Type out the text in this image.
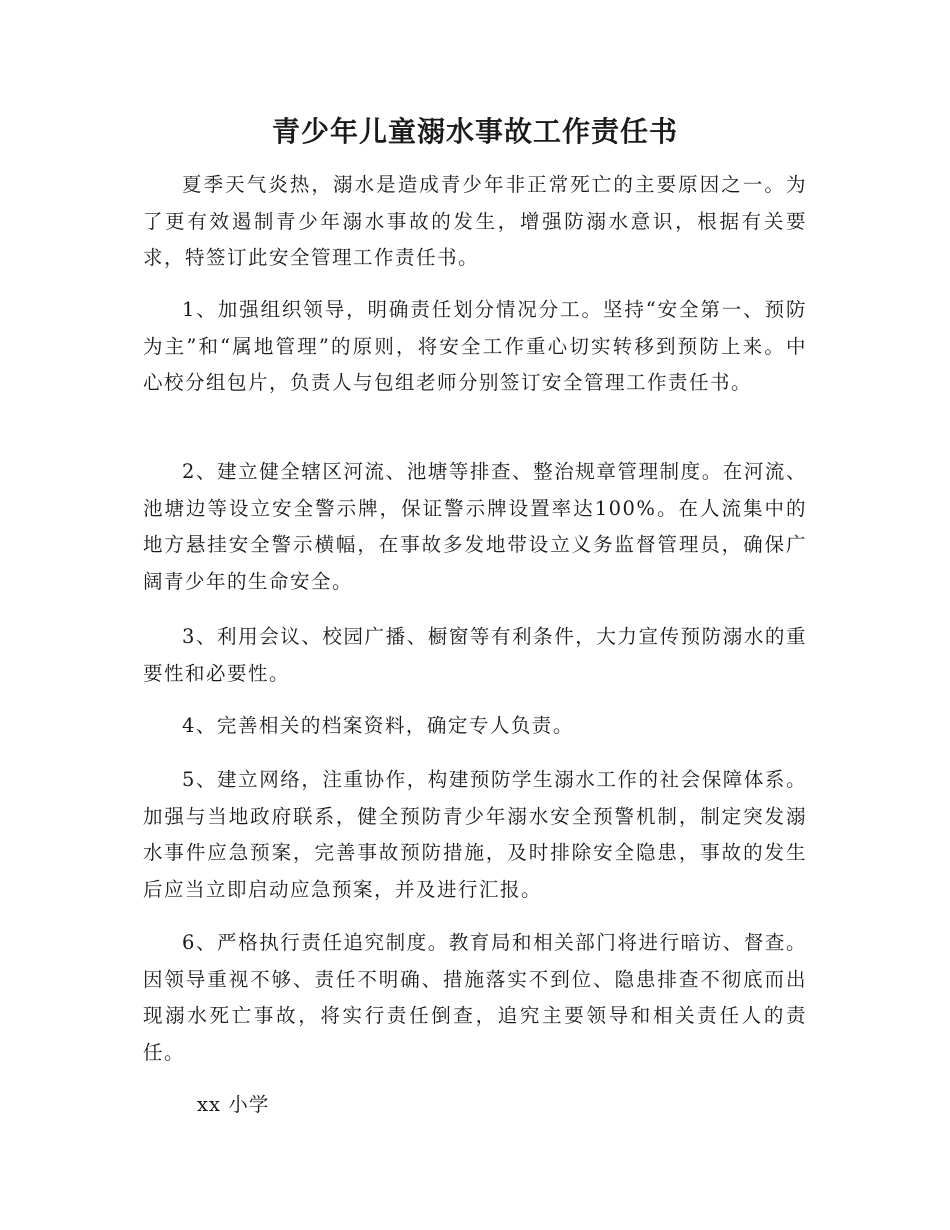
青少年儿童溺水事故工作责任书

夏季天气炎热，溺水是造成青少年非正常死亡的主要原因之一。为了更有效遏制青少年溺水事故的发生，增强防溺水意识，根据有关要求，特签订此安全管理工作责任书。

1、加强组织领导，明确责任划分情况分工。坚持“安全第一、预防为主”和“属地管理”的原则，将安全工作重心切实转移到预防上来。中心校分组包片，负责人与包组老师分别签订安全管理工作责任书。

2、建立健全辖区河流、池塘等排查、整治规章管理制度。在河流、池塘边等设立安全警示牌，保证警示牌设置率达100%。在人流集中的地方悬挂安全警示横幅，在事故多发地带设立义务监督管理员，确保广阔青少年的生命安全。

3、利用会议、校园广播、橱窗等有利条件，大力宣传预防溺水的重要性和必要性。

4、完善相关的档案资料，确定专人负责。

5、建立网络，注重协作，构建预防学生溺水工作的社会保障体系。加强与当地政府联系，健全预防青少年溺水安全预警机制，制定突发溺水事件应急预案，完善事故预防措施，及时排除安全隐患，事故的发生后应当立即启动应急预案，并及进行汇报。

6、严格执行责任追究制度。教育局和相关部门将进行暗访、督查。因领导重视不够、责任不明确、措施落实不到位、隐患排查不彻底而出现溺水死亡事故，将实行责任倒查，追究主要领导和相关责任人的责任。

xx 小学
